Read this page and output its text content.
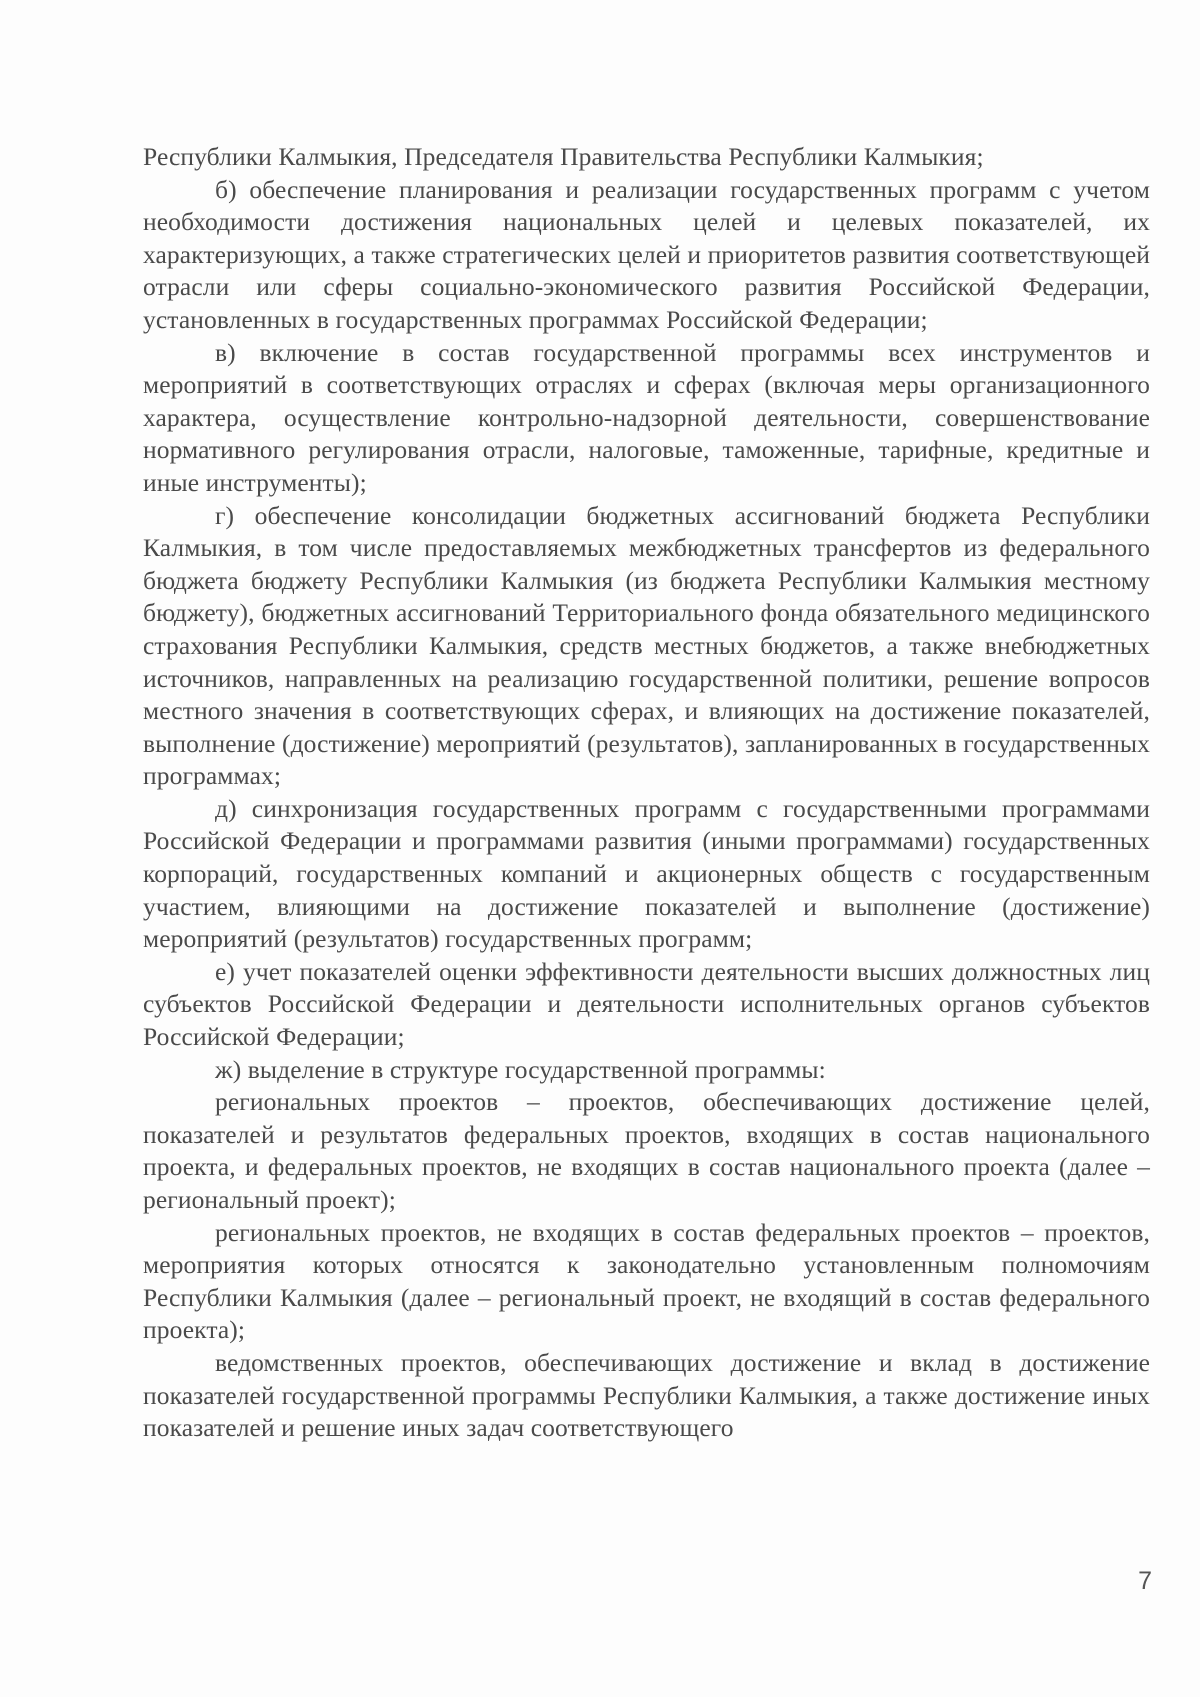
Республики Калмыкия, Председателя Правительства Республики Калмыкия;

б) обеспечение планирования и реализации государственных программ с учетом необходимости достижения национальных целей и целевых показателей, их характеризующих, а также стратегических целей и приоритетов развития соответствующей отрасли или сферы социально-экономического развития Российской Федерации, установленных в государственных программах Российской Федерации;

в) включение в состав государственной программы всех инструментов и мероприятий в соответствующих отраслях и сферах (включая меры организационного характера, осуществление контрольно-надзорной деятельности, совершенствование нормативного регулирования отрасли, налоговые, таможенные, тарифные, кредитные и иные инструменты);

г) обеспечение консолидации бюджетных ассигнований бюджета Республики Калмыкия, в том числе предоставляемых межбюджетных трансфертов из федерального бюджета бюджету Республики Калмыкия (из бюджета Республики Калмыкия местному бюджету), бюджетных ассигнований Территориального фонда обязательного медицинского страхования Республики Калмыкия, средств местных бюджетов, а также внебюджетных источников, направленных на реализацию государственной политики, решение вопросов местного значения в соответствующих сферах, и влияющих на достижение показателей, выполнение (достижение) мероприятий (результатов), запланированных в государственных программах;

д) синхронизация государственных программ с государственными программами Российской Федерации и программами развития (иными программами) государственных корпораций, государственных компаний и акционерных обществ с государственным участием, влияющими на достижение показателей и выполнение (достижение) мероприятий (результатов) государственных программ;

е) учет показателей оценки эффективности деятельности высших должностных лиц субъектов Российской Федерации и деятельности исполнительных органов субъектов Российской Федерации;

ж) выделение в структуре государственной программы:

региональных проектов – проектов, обеспечивающих достижение целей, показателей и результатов федеральных проектов, входящих в состав национального проекта, и федеральных проектов, не входящих в состав национального проекта (далее – региональный проект);

региональных проектов, не входящих в состав федеральных проектов – проектов, мероприятия которых относятся к законодательно установленным полномочиям Республики Калмыкия (далее – региональный проект, не входящий в состав федерального проекта);

ведомственных проектов, обеспечивающих достижение и вклад в достижение показателей государственной программы Республики Калмыкия, а также достижение иных показателей и решение иных задач соответствующего

7
